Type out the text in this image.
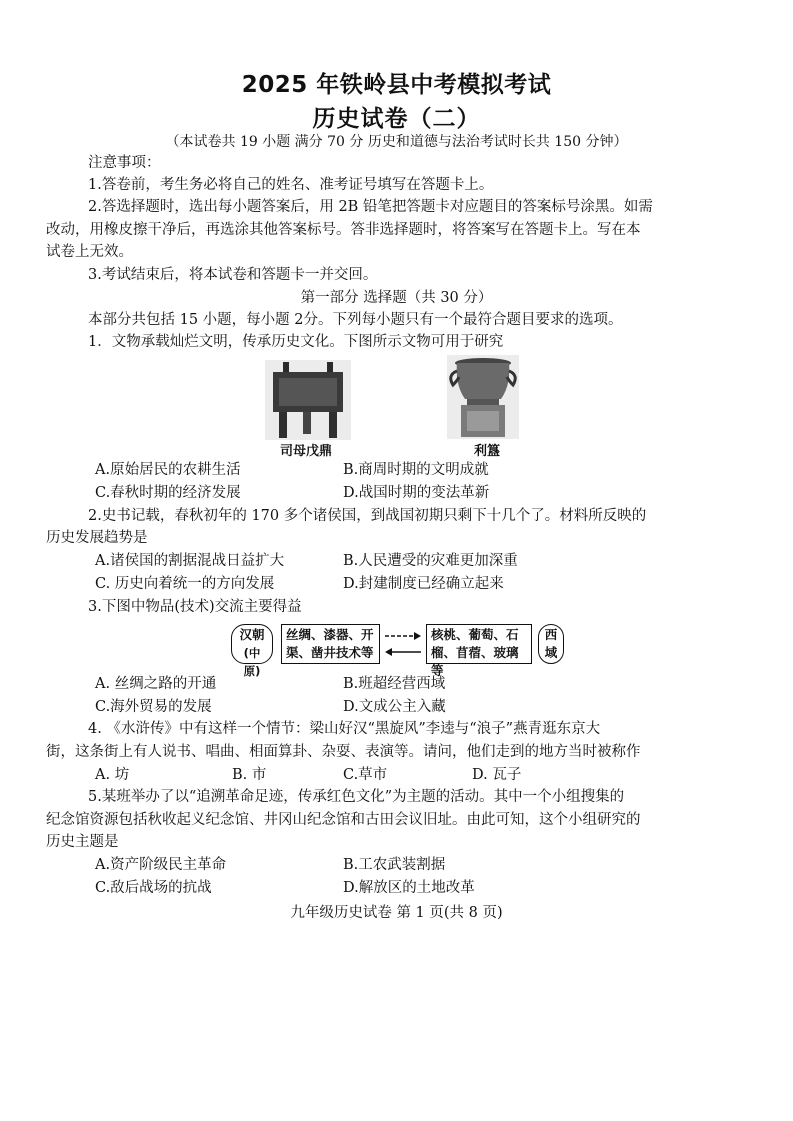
2025 年铁岭县中考模拟考试
历史试卷（二）
（本试卷共 19 小题 满分 70 分 历史和道德与法治考试时长共 150 分钟）
注意事项：
1.答卷前，考生务必将自己的姓名、准考证号填写在答题卡上。
2.答选择题时，选出每小题答案后，用 2B 铅笔把答题卡对应题目的答案标号涂黑。如需
改动，用橡皮擦干净后，再选涂其他答案标号。答非选择题时，将答案写在答题卡上。写在本
试卷上无效。
3.考试结束后，将本试卷和答题卡一并交回。
第一部分 选择题（共 30 分）
本部分共包括 15 小题，每小题 2分。下列每小题只有一个最符合题目要求的选项。
1．文物承载灿烂文明，传承历史文化。下图所示文物可用于研究
司母戊鼎	利簋
A.原始居民的农耕生活	B.商周时期的文明成就
C.春秋时期的经济发展	D.战国时期的变法革新
2.史书记载，春秋初年的 170 多个诸侯国，到战国初期只剩下十几个了。材料所反映的
历史发展趋势是
A.诸侯国的割据混战日益扩大	B.人民遭受的灾难更加深重
C. 历史向着统一的方向发展	D.封建制度已经确立起来
3.下图中物品(技术)交流主要得益
汉朝
(中原)
丝绸、漆器、开
渠、凿井技术等
核桃、葡萄、石
榴、苜蓿、玻璃等
西
域
A. 丝绸之路的开通	B.班超经营西域
C.海外贸易的发展	D.文成公主入藏
4. 《水浒传》中有这样一个情节：梁山好汉“黑旋风”李逵与“浪子”燕青逛东京大
街，这条街上有人说书、唱曲、相面算卦、杂耍、表演等。请问，他们走到的地方当时被称作
A. 坊	B. 市	C.草市	D. 瓦子
5.某班举办了以“追溯革命足迹，传承红色文化”为主题的活动。其中一个小组搜集的
纪念馆资源包括秋收起义纪念馆、井冈山纪念馆和古田会议旧址。由此可知，这个小组研究的
历史主题是
A.资产阶级民主革命	B.工农武装割据
C.敌后战场的抗战	D.解放区的土地改革
九年级历史试卷 第 1 页(共 8 页)
